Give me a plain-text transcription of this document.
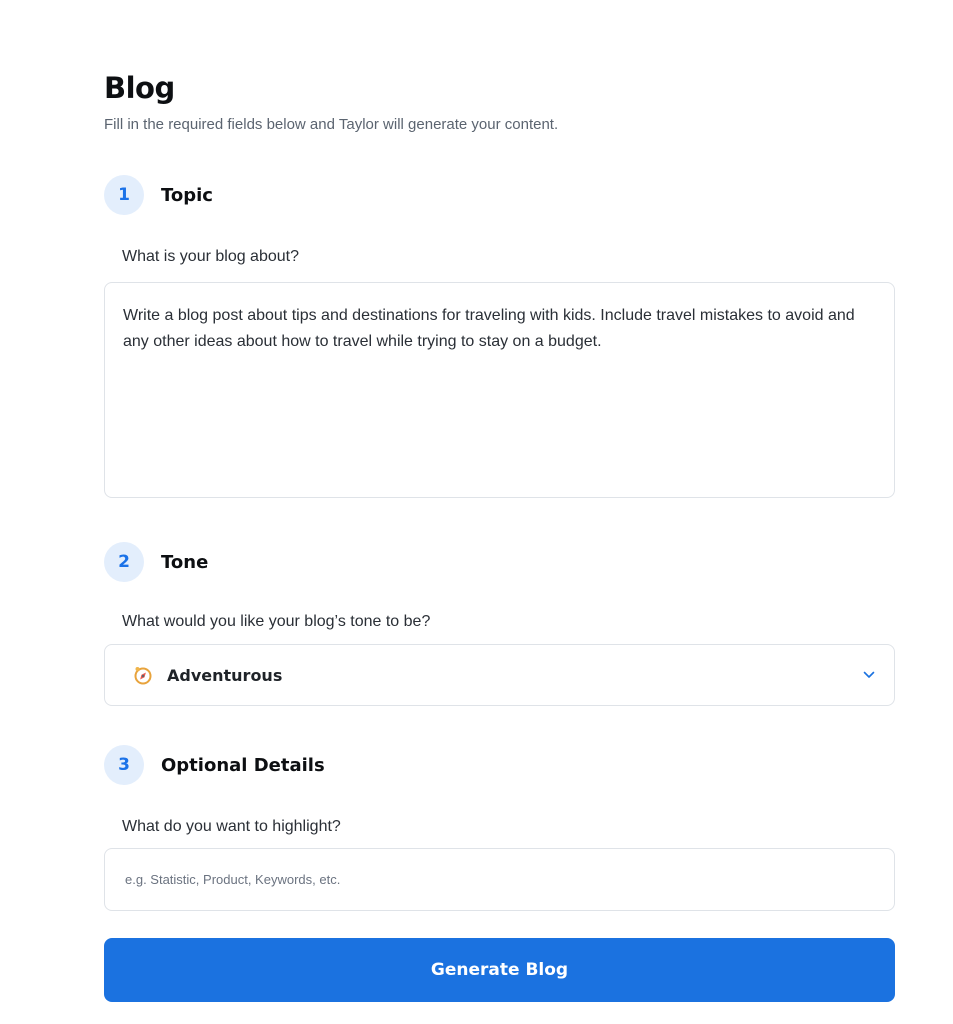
Blog
Fill in the required fields below and Taylor will generate your content.
1	Topic
What is your blog about?
Write a blog post about tips and destinations for traveling with kids. Include travel mistakes to avoid and any other ideas about how to travel while trying to stay on a budget.
2	Tone
What would you like your blog’s tone to be?
Adventurous
3	Optional Details
What do you want to highlight?
e.g. Statistic, Product, Keywords, etc.
Generate Blog
